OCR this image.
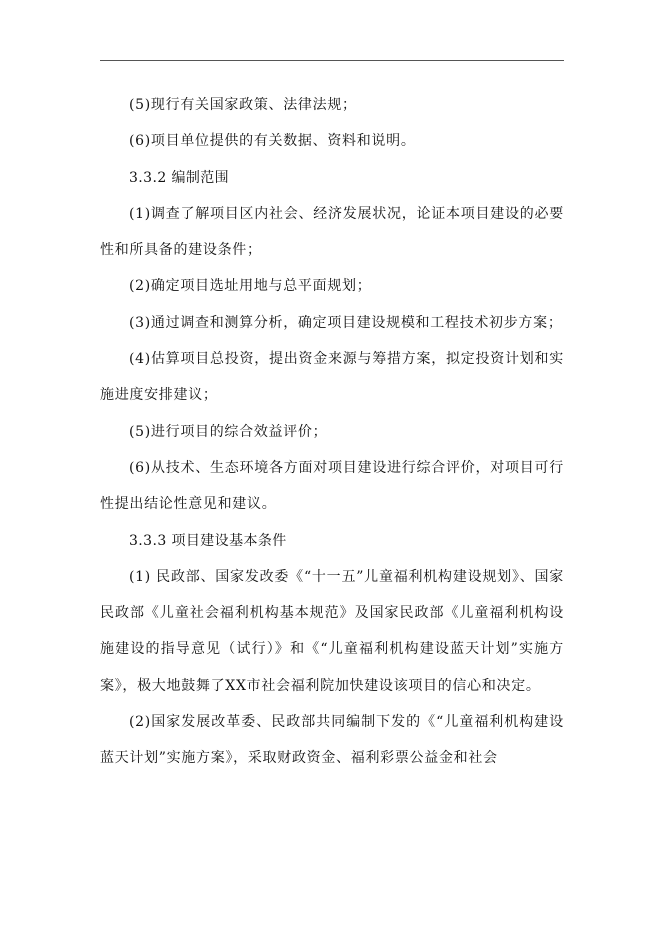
(5)现行有关国家政策、法律法规；

(6)项目单位提供的有关数据、资料和说明。

3.3.2 编制范围

(1)调查了解项目区内社会、经济发展状况，论证本项目建设的必要性和所具备的建设条件；

(2)确定项目选址用地与总平面规划；

(3)通过调查和测算分析，确定项目建设规模和工程技术初步方案；

(4)估算项目总投资，提出资金来源与筹措方案，拟定投资计划和实施进度安排建议；

(5)进行项目的综合效益评价；

(6)从技术、生态环境各方面对项目建设进行综合评价，对项目可行性提出结论性意见和建议。

3.3.3 项目建设基本条件

(1) 民政部、国家发改委《“十一五”儿童福利机构建设规划》、国家民政部《儿童社会福利机构基本规范》及国家民政部《儿童福利机构设施建设的指导意见（试行）》和《“儿童福利机构建设蓝天计划”实施方案》，极大地鼓舞了XX市社会福利院加快建设该项目的信心和决定。

(2)国家发展改革委、民政部共同编制下发的《“儿童福利机构建设蓝天计划”实施方案》，采取财政资金、福利彩票公益金和社会
